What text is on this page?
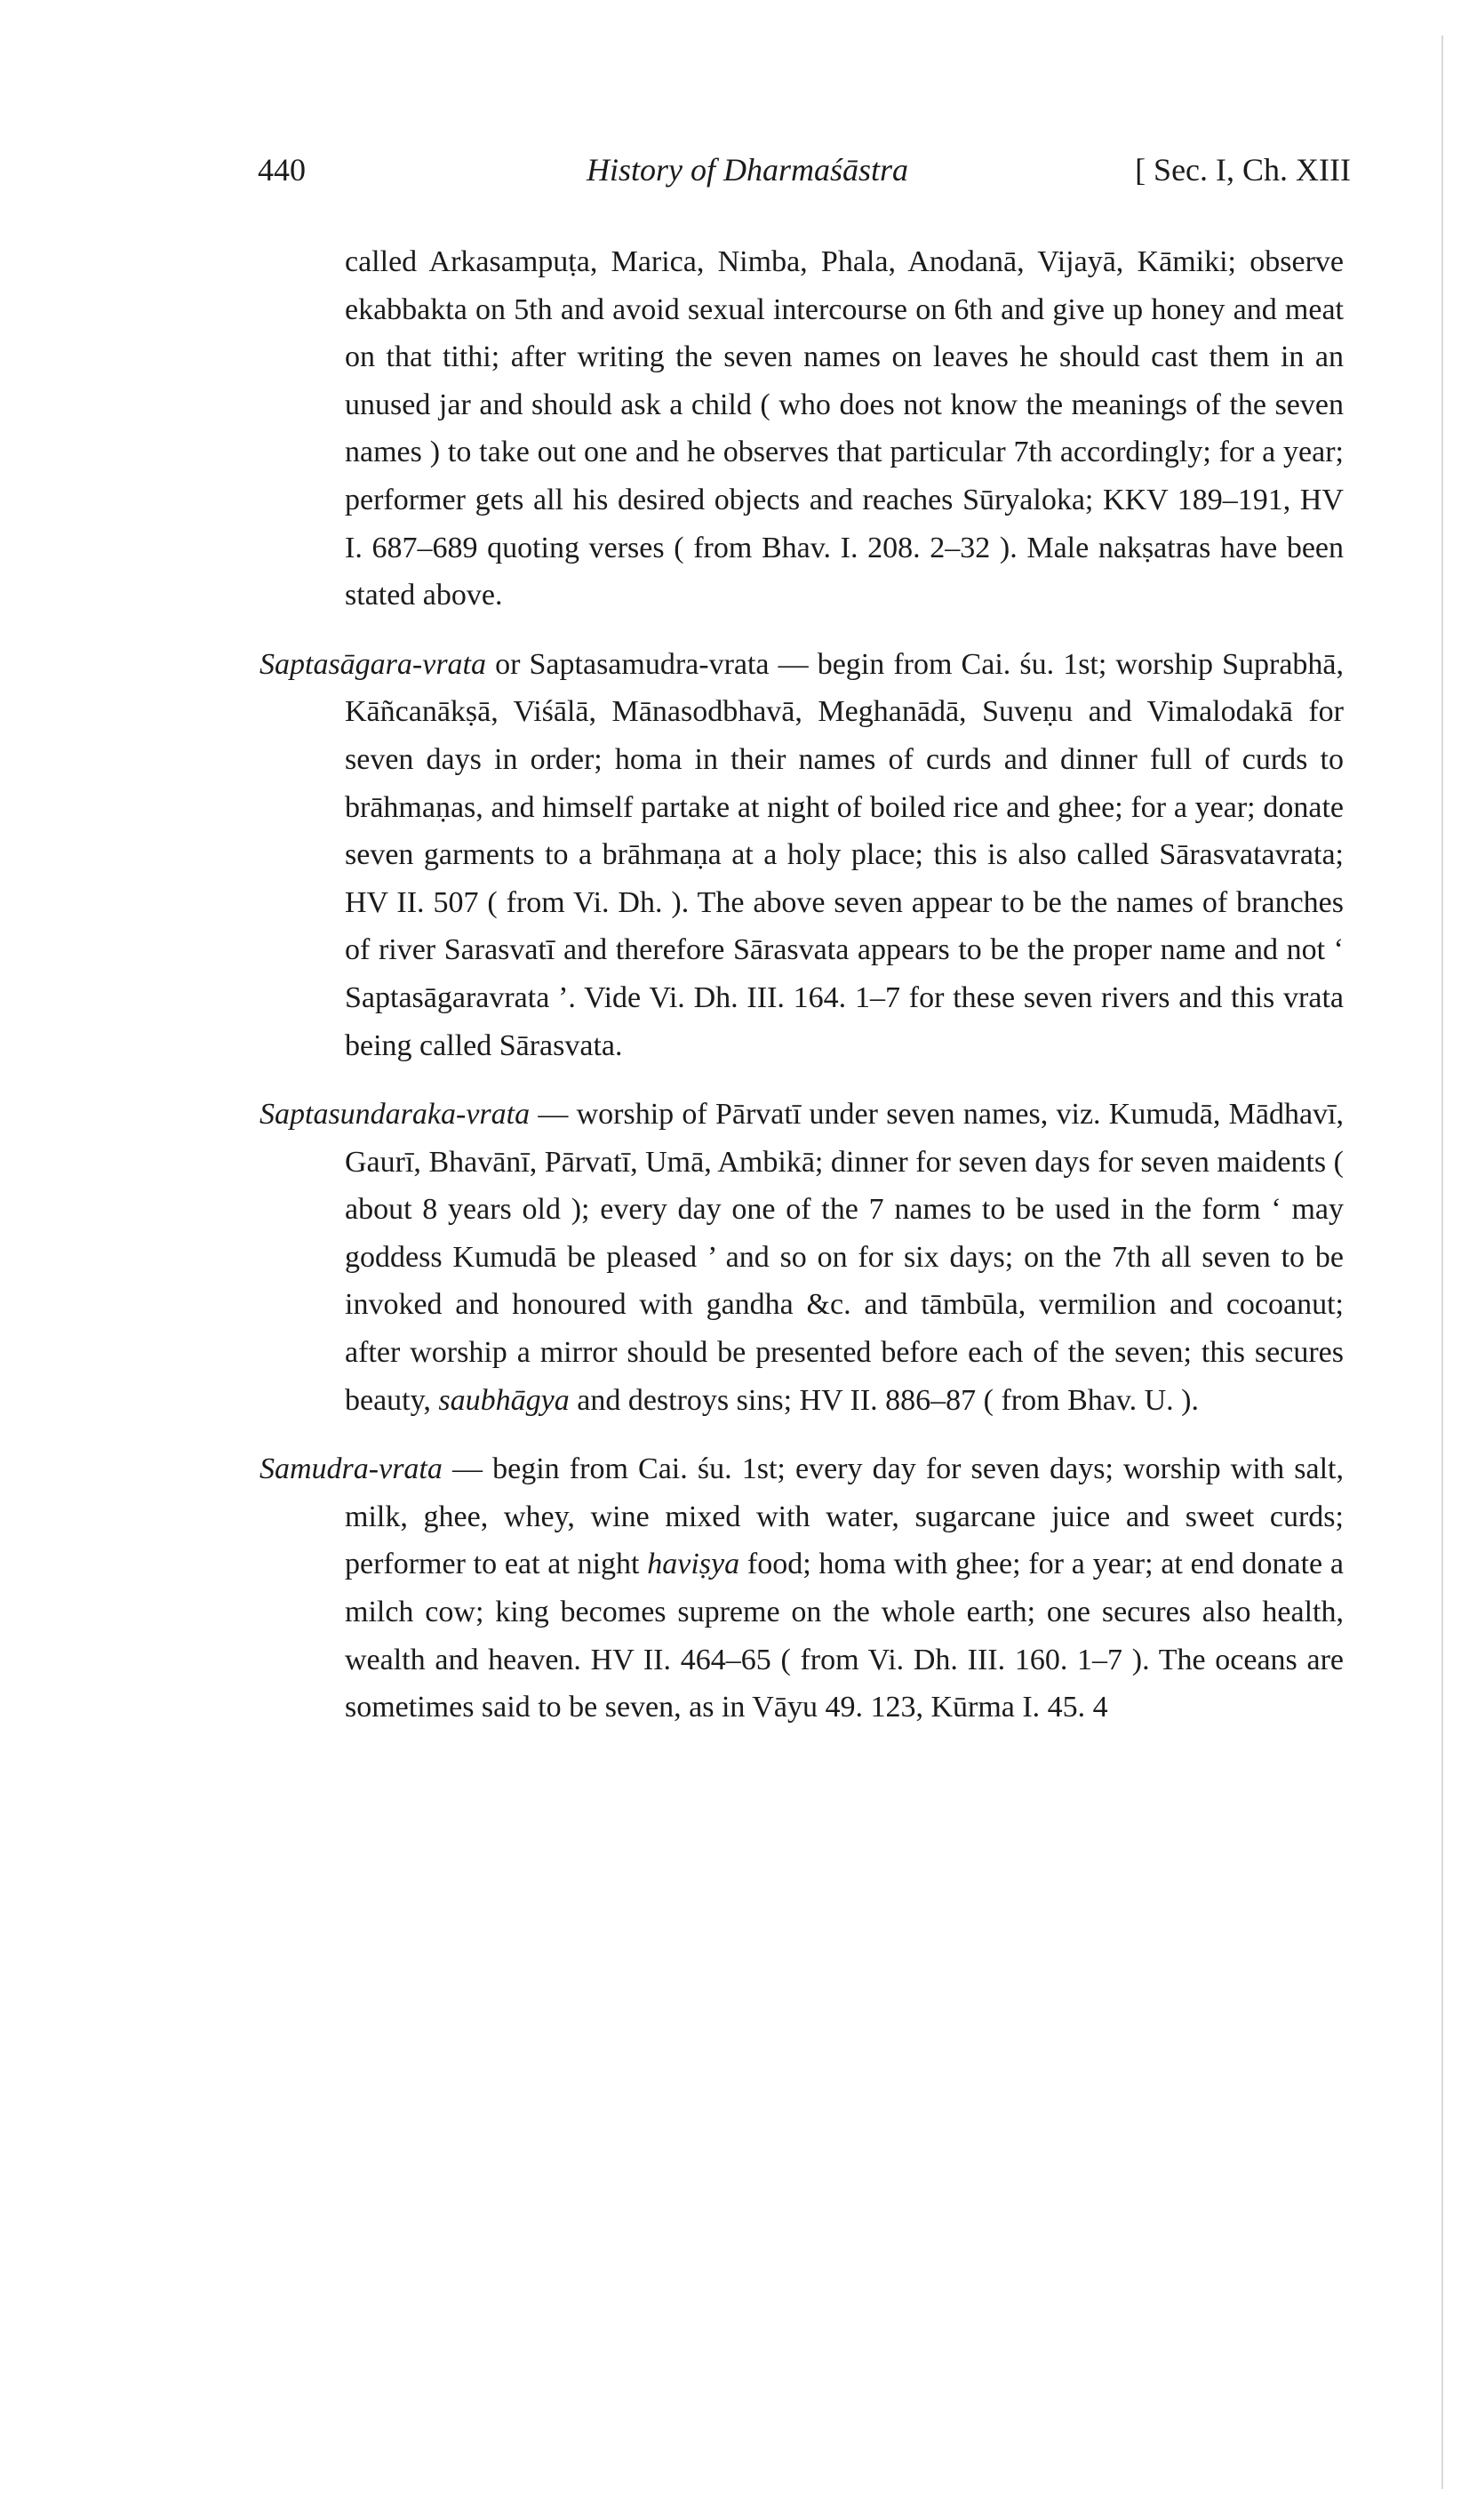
440	History of Dharmaśāstra	[ Sec. I, Ch. XIII

called Arkasampuṭa, Marica, Nimba, Phala, Anodanā, Vijayā, Kāmiki; observe ekabbakta on 5th and avoid sexual intercourse on 6th and give up honey and meat on that tithi; after writing the seven names on leaves he should cast them in an unused jar and should ask a child ( who does not know the meanings of the seven names ) to take out one and he observes that particular 7th accordingly; for a year; performer gets all his desired objects and reaches Sūryaloka; KKV 189–191, HV I. 687–689 quoting verses ( from Bhav. I. 208. 2–32 ). Male nakṣatras have been stated above.

Saptasāgara-vrata or Saptasamudra-vrata — begin from Cai. śu. 1st; worship Suprabhā, Kāñcanākṣā, Viśālā, Mānasodbhavā, Meghanādā, Suveṇu and Vimalodakā for seven days in order; homa in their names of curds and dinner full of curds to brāhmaṇas, and himself partake at night of boiled rice and ghee; for a year; donate seven garments to a brāhmaṇa at a holy place; this is also called Sārasvatavrata; HV II. 507 ( from Vi. Dh. ). The above seven appear to be the names of branches of river Sarasvatī and therefore Sārasvata appears to be the proper name and not ‘ Saptasāgaravrata ’. Vide Vi. Dh. III. 164. 1–7 for these seven rivers and this vrata being called Sārasvata.

Saptasundaraka-vrata — worship of Pārvatī under seven names, viz. Kumudā, Mādhavī, Gaurī, Bhavānī, Pārvatī, Umā, Ambikā; dinner for seven days for seven maidents ( about 8 years old ); every day one of the 7 names to be used in the form ‘ may goddess Kumudā be pleased ’ and so on for six days; on the 7th all seven to be invoked and honoured with gandha &c. and tāmbūla, vermilion and cocoanut; after worship a mirror should be presented before each of the seven; this secures beauty, saubhāgya and destroys sins; HV II. 886–87 ( from Bhav. U. ).

Samudra-vrata — begin from Cai. śu. 1st; every day for seven days; worship with salt, milk, ghee, whey, wine mixed with water, sugarcane juice and sweet curds; performer to eat at night haviṣya food; homa with ghee; for a year; at end donate a milch cow; king becomes supreme on the whole earth; one secures also health, wealth and heaven. HV II. 464–65 ( from Vi. Dh. III. 160. 1–7 ). The oceans are sometimes said to be seven, as in Vāyu 49. 123, Kūrma I. 45. 4
